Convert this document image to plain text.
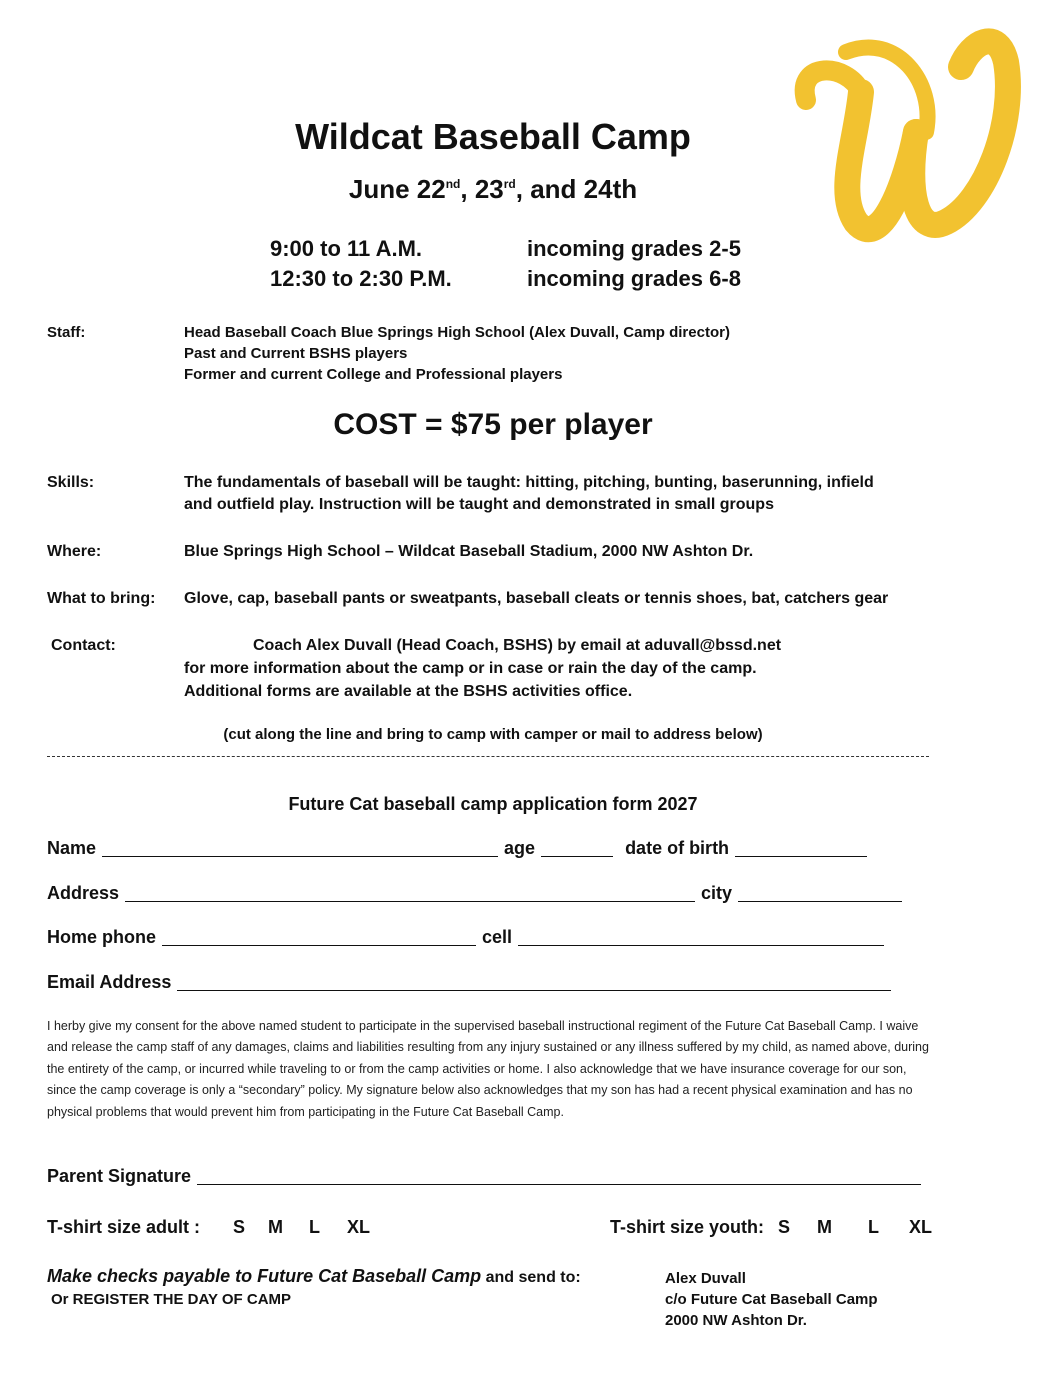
Wildcat Baseball Camp
June 22nd, 23rd, and 24th
9:00 to 11 A.M.	incoming grades 2-5
12:30 to 2:30 P.M.	incoming grades 6-8
Staff:	Head Baseball Coach Blue Springs High School (Alex Duvall, Camp director)
Past and Current BSHS players
Former and current College and Professional players
COST = $75 per player
Skills:	The fundamentals of baseball will be taught: hitting, pitching, bunting, baserunning, infield
and outfield play. Instruction will be taught and demonstrated in small groups
Where:	Blue Springs High School – Wildcat Baseball Stadium, 2000 NW Ashton Dr.
What to bring: Glove, cap, baseball pants or sweatpants, baseball cleats or tennis shoes, bat, catchers gear
Contact:	Coach Alex Duvall (Head Coach, BSHS) by email at aduvall@bssd.net
for more information about the camp or in case or rain the day of the camp.
Additional forms are available at the BSHS activities office.
(cut along the line and bring to camp with camper or mail to address below)
Future Cat baseball camp application form 2027
Name	age	date of birth
Address	city
Home phone	cell
Email Address
I herby give my consent for the above named student to participate in the supervised baseball instructional regiment of the Future Cat Baseball Camp. I waive and release the camp staff of any damages, claims and liabilities resulting from any injury sustained or any illness suffered by my child, as named above, during the entirety of the camp, or incurred while traveling to or from the camp activities or home. I also acknowledge that we have insurance coverage for our son, since the camp coverage is only a “secondary” policy. My signature below also acknowledges that my son has had a recent physical examination and has no physical problems that would prevent him from participating in the Future Cat Baseball Camp.
Parent Signature
T-shirt size adult : S M L XL	T-shirt size youth: S M L XL
Make checks payable to Future Cat Baseball Camp and send to:
Or REGISTER THE DAY OF CAMP
Alex Duvall
c/o Future Cat Baseball Camp
2000 NW Ashton Dr.
